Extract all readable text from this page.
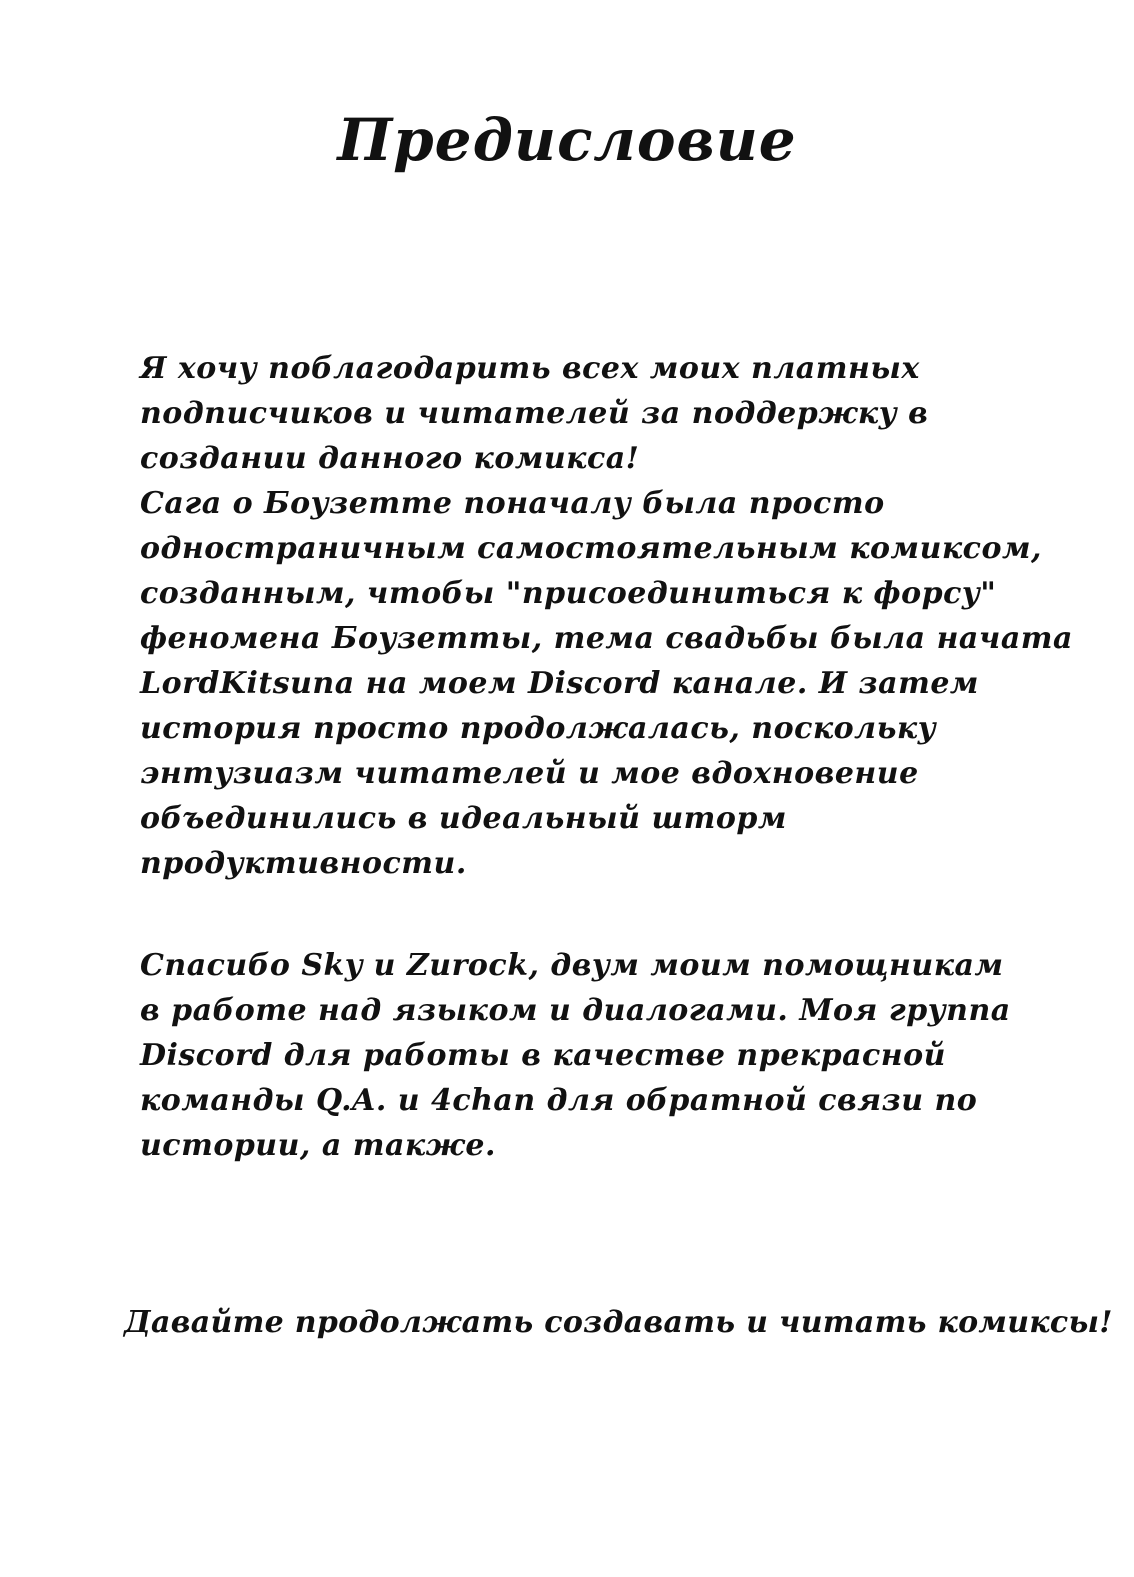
Предисловие

Я хочу поблагодарить всех моих платных
подписчиков и читателей за поддержку в
создании данного комикса!
Сага о Боузетте поначалу была просто
одностраничным самостоятельным комиксом,
созданным, чтобы "присоединиться к форсу"
феномена Боузетты, тема свадьбы была начата
LordKitsuna на моем Discord канале. И затем
история просто продолжалась, поскольку
энтузиазм читателей и мое вдохновение
объединились в идеальный шторм
продуктивности.

Спасибо Sky и Zurock, двум моим помощникам
в работе над языком и диалогами. Моя группа
Discord для работы в качестве прекрасной
команды Q.A. и 4chan для обратной связи по
истории, а также.

Давайте продолжать создавать и читать комиксы!
